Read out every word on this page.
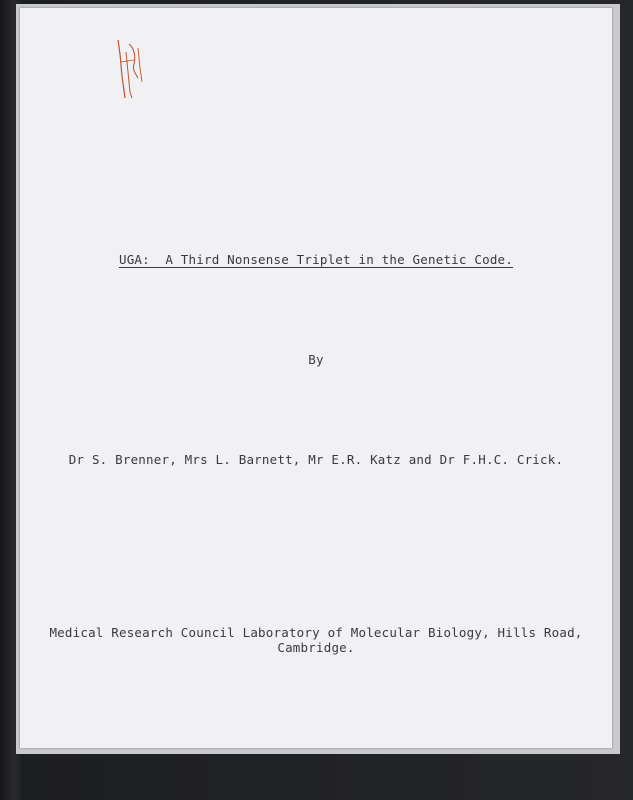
UGA:  A Third Nonsense Triplet in the Genetic Code.
By
Dr S. Brenner, Mrs L. Barnett, Mr E.R. Katz and Dr F.H.C. Crick.
Medical Research Council Laboratory of Molecular Biology, Hills Road,
Cambridge.
